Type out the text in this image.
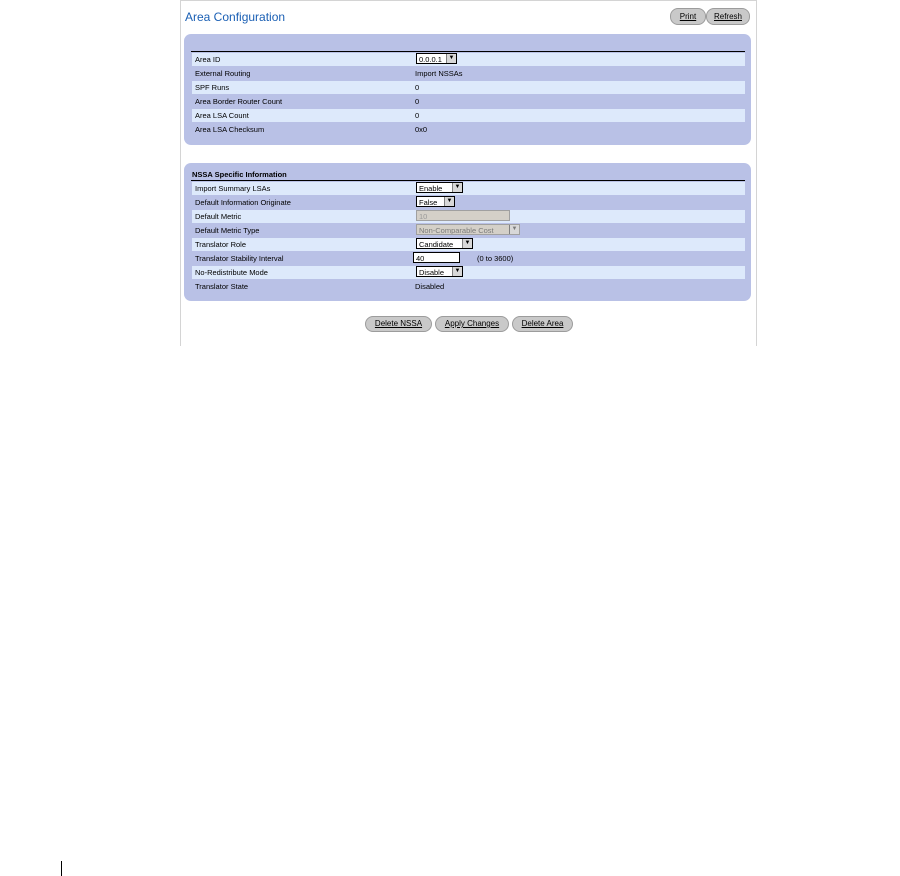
Area Configuration	Print	Refresh
Area ID	0.0.0.1	▼
External Routing	Import NSSAs
SPF Runs	0
Area Border Router Count	0
Area LSA Count	0
Area LSA Checksum	0x0
NSSA Specific Information
Import Summary LSAs	Enable	▼
Default Information Originate	False	▼
Default Metric	10
Default Metric Type	Non-Comparable Cost	▼
Translator Role	Candidate	▼
Translator Stability Interval	40	(0 to 3600)
No-Redistribute Mode	Disable	▼
Translator State	Disabled
Delete NSSA	Apply Changes	Delete Area
